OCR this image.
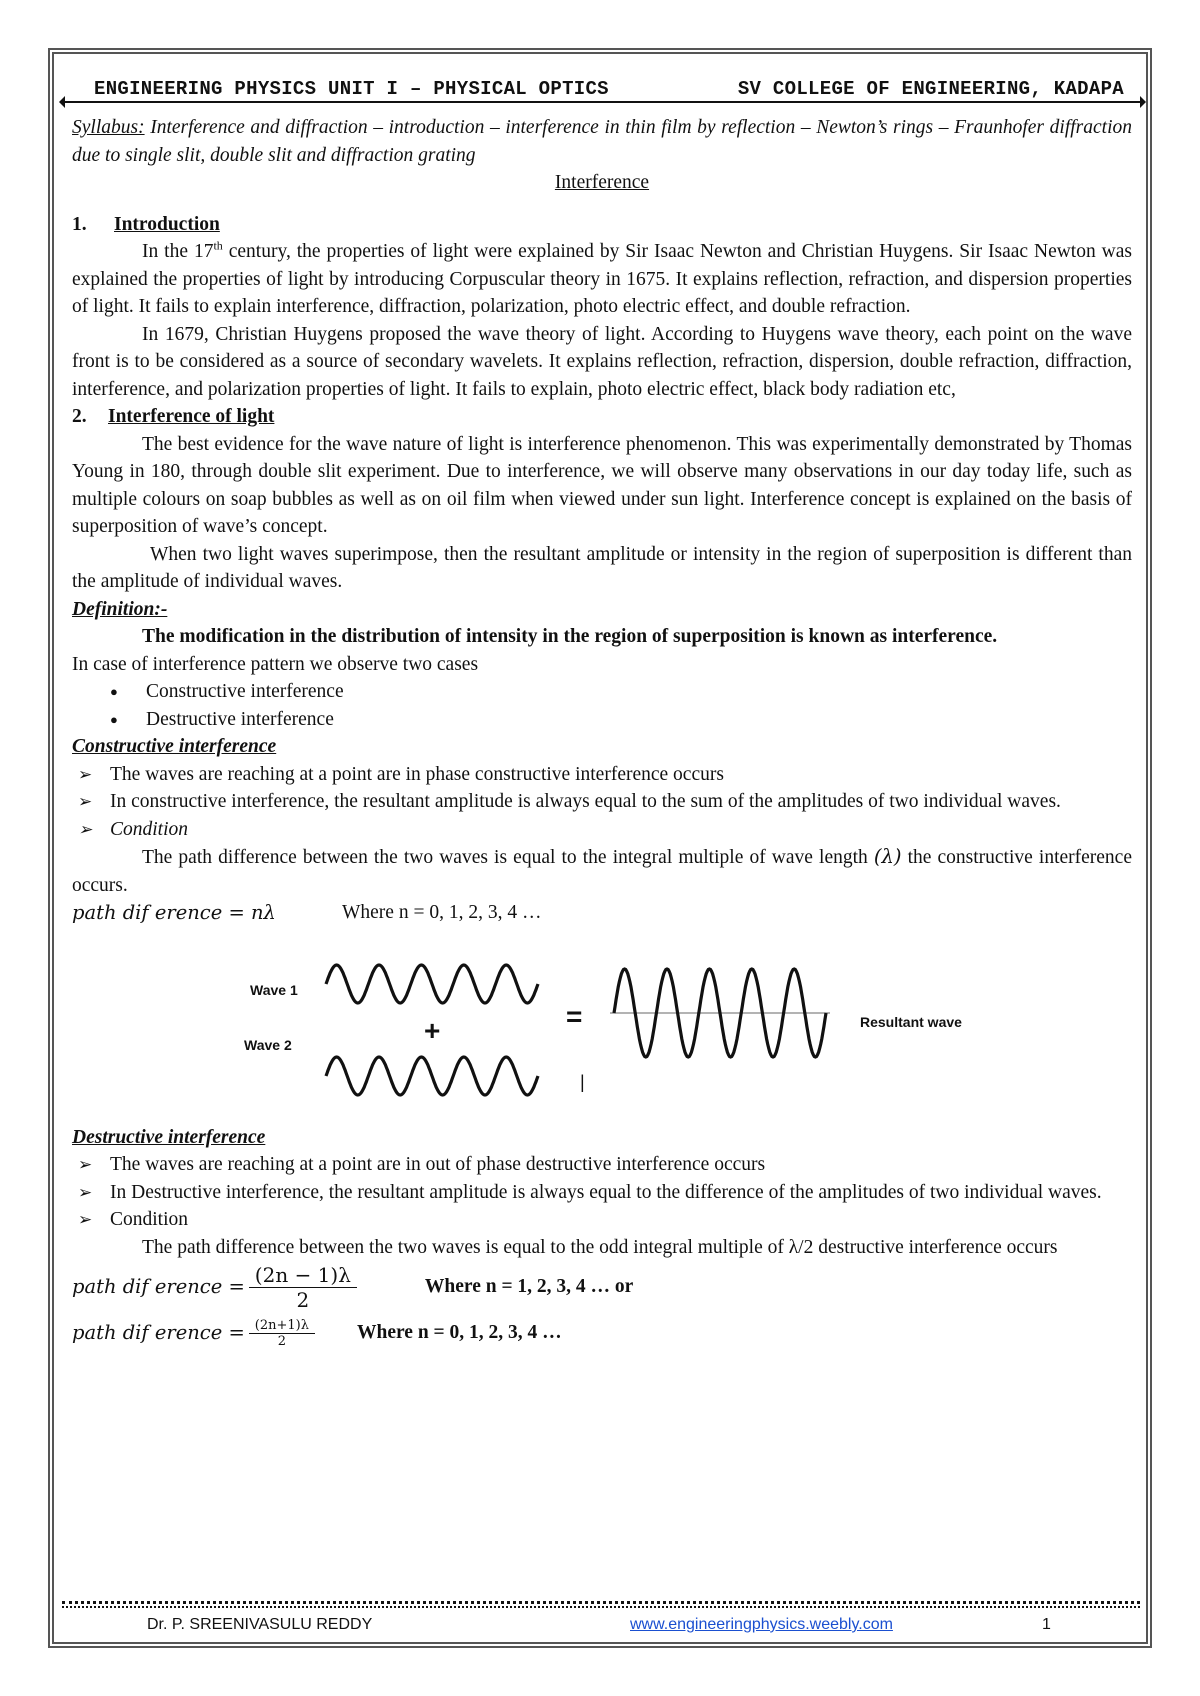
ENGINEERING PHYSICS UNIT I – PHYSICAL OPTICS	SV COLLEGE OF ENGINEERING, KADAPA

Syllabus: Interference and diffraction – introduction – interference in thin film by reflection – Newton’s rings – Fraunhofer diffraction due to single slit, double slit and diffraction grating

Interference

1. Introduction

In the 17th century, the properties of light were explained by Sir Isaac Newton and Christian Huygens. Sir Isaac Newton was explained the properties of light by introducing Corpuscular theory in 1675. It explains reflection, refraction, and dispersion properties of light. It fails to explain interference, diffraction, polarization, photo electric effect, and double refraction.

In 1679, Christian Huygens proposed the wave theory of light. According to Huygens wave theory, each point on the wave front is to be considered as a source of secondary wavelets. It explains reflection, refraction, dispersion, double refraction, diffraction, interference, and polarization properties of light. It fails to explain, photo electric effect, black body radiation etc,

2. Interference of light

The best evidence for the wave nature of light is interference phenomenon. This was experimentally demonstrated by Thomas Young in 180, through double slit experiment. Due to interference, we will observe many observations in our day today life, such as multiple colours on soap bubbles as well as on oil film when viewed under sun light. Interference concept is explained on the basis of superposition of wave’s concept.

When two light waves superimpose, then the resultant amplitude or intensity in the region of superposition is different than the amplitude of individual waves.

Definition:-

The modification in the distribution of intensity in the region of superposition is known as interference.

In case of interference pattern we observe two cases

● Constructive interference
● Destructive interference
Constructive interference
➢ The waves are reaching at a point are in phase constructive interference occurs
➢ In constructive interference, the resultant amplitude is always equal to the sum of the amplitudes of two individual waves.
➢ Condition

The path difference between the two waves is equal to the integral multiple of wave length (λ) the constructive interference occurs.

path dif erence = nλ	Where n = 0, 1, 2, 3, 4 …
Wave 1
Wave 2	+	=
|
Resultant wave
Destructive interference
➢ The waves are reaching at a point are in out of phase destructive interference occurs
➢ In Destructive interference, the resultant amplitude is always equal to the difference of the amplitudes of two individual waves.
➢ Condition

The path difference between the two waves is equal to the odd integral multiple of λ/2 destructive interference occurs

path dif erence = $\frac{(2n - 1)\lambda}{2}$	Where n = 1, 2, 3, 4 … or
path dif erence = $\frac{(2n+1)\lambda}{2}$ Where n = 0, 1, 2, 3, 4 …
Dr. P. SREENIVASULU REDDY	www.engineeringphysics.weebly.com	1
